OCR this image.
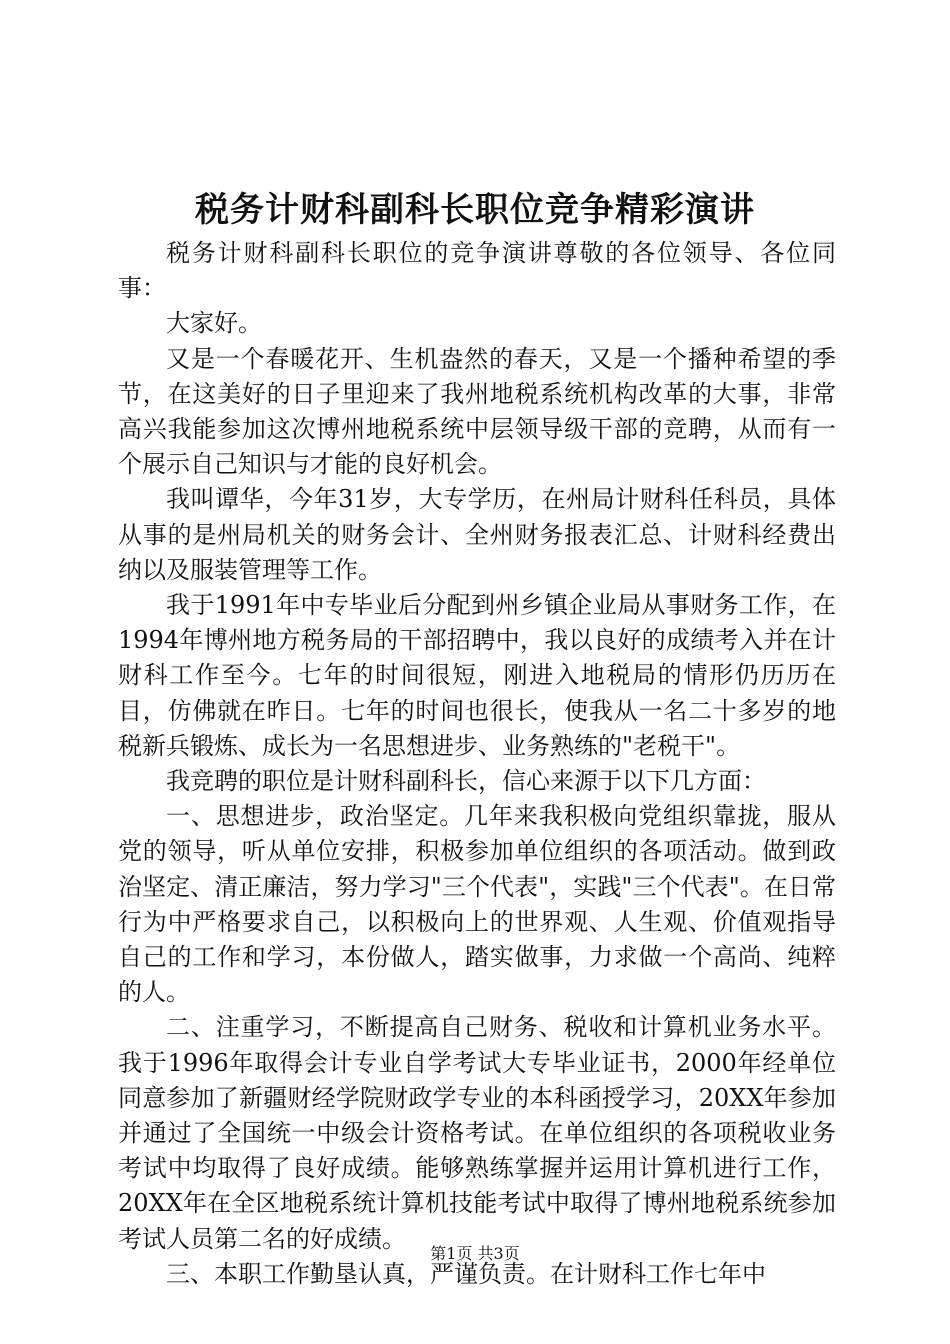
税务计财科副科长职位竞争精彩演讲

税务计财科副科长职位的竞争演讲尊敬的各位领导、各位同事：

大家好。

又是一个春暖花开、生机盎然的春天，又是一个播种希望的季节，在这美好的日子里迎来了我州地税系统机构改革的大事，非常高兴我能参加这次博州地税系统中层领导级干部的竞聘，从而有一个展示自己知识与才能的良好机会。

我叫谭华，今年31岁，大专学历，在州局计财科任科员，具体从事的是州局机关的财务会计、全州财务报表汇总、计财科经费出纳以及服装管理等工作。

我于1991年中专毕业后分配到州乡镇企业局从事财务工作，在1994年博州地方税务局的干部招聘中，我以良好的成绩考入并在计财科工作至今。七年的时间很短，刚进入地税局的情形仍历历在目，仿佛就在昨日。七年的时间也很长，使我从一名二十多岁的地税新兵锻炼、成长为一名思想进步、业务熟练的"老税干"。

我竞聘的职位是计财科副科长，信心来源于以下几方面：

一、思想进步，政治坚定。几年来我积极向党组织靠拢，服从党的领导，听从单位安排，积极参加单位组织的各项活动。做到政治坚定、清正廉洁，努力学习"三个代表"，实践"三个代表"。在日常行为中严格要求自己，以积极向上的世界观、人生观、价值观指导自己的工作和学习，本份做人，踏实做事，力求做一个高尚、纯粹的人。

二、注重学习，不断提高自己财务、税收和计算机业务水平。我于1996年取得会计专业自学考试大专毕业证书，2000年经单位同意参加了新疆财经学院财政学专业的本科函授学习，20XX年参加并通过了全国统一中级会计资格考试。在单位组织的各项税收业务考试中均取得了良好成绩。能够熟练掌握并运用计算机进行工作，20XX年在全区地税系统计算机技能考试中取得了博州地税系统参加考试人员第二名的好成绩。

三、本职工作勤垦认真，严谨负责。在计财科工作七年中

第1页 共3页
